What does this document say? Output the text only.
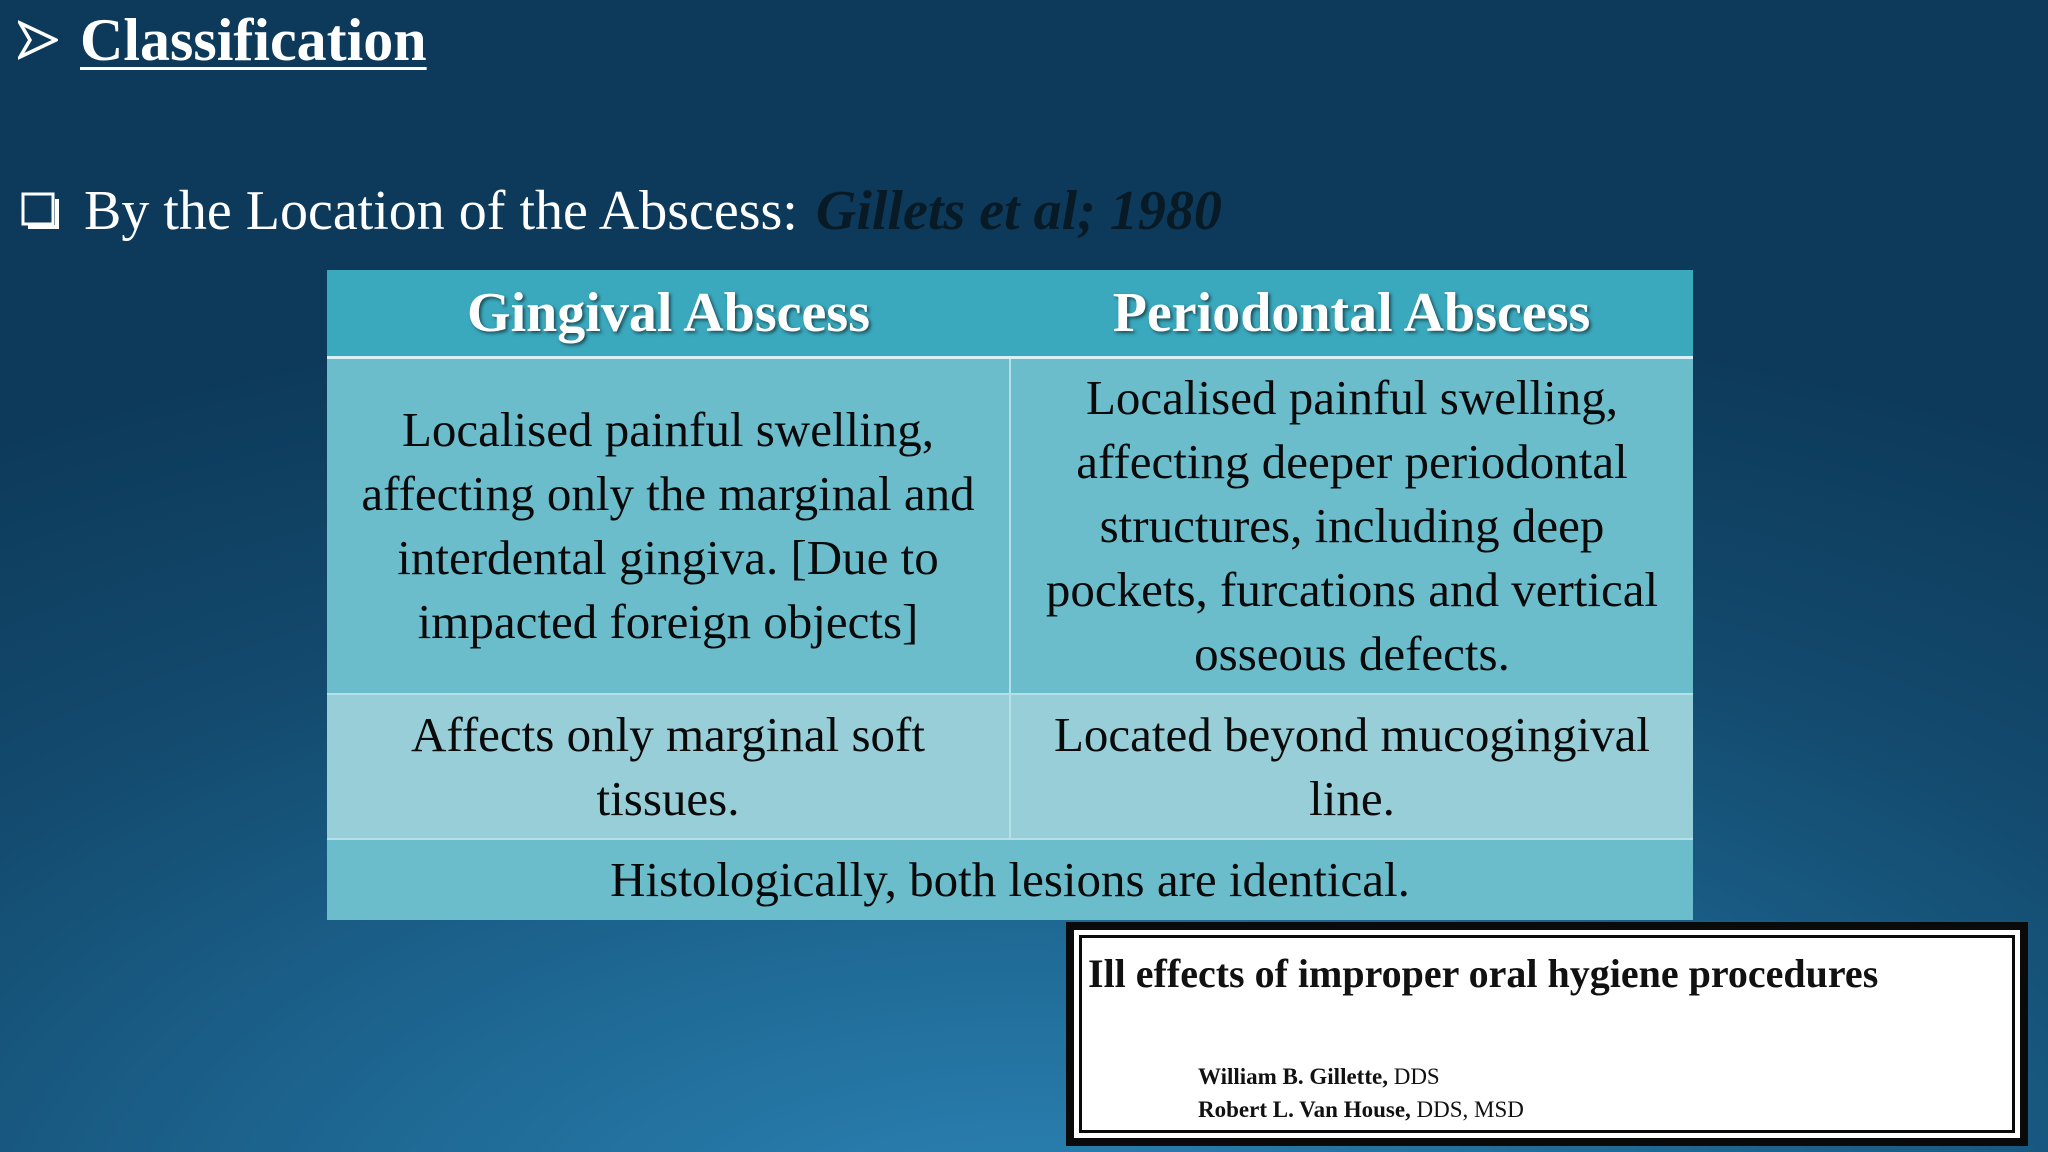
Classification
By the Location of the Abscess: Gillets et al; 1980
Gingival Abscess	Periodontal Abscess
Localised painful swelling, affecting only the marginal and interdental gingiva. [Due to impacted foreign objects]	Localised painful swelling, affecting deeper periodontal structures, including deep pockets, furcations and vertical osseous defects.
Affects only marginal soft tissues.	Located beyond mucogingival line.
Histologically, both lesions are identical.	
Ill effects of improper oral hygiene procedures
William B. Gillette, DDS
Robert L. Van House, DDS, MSD
